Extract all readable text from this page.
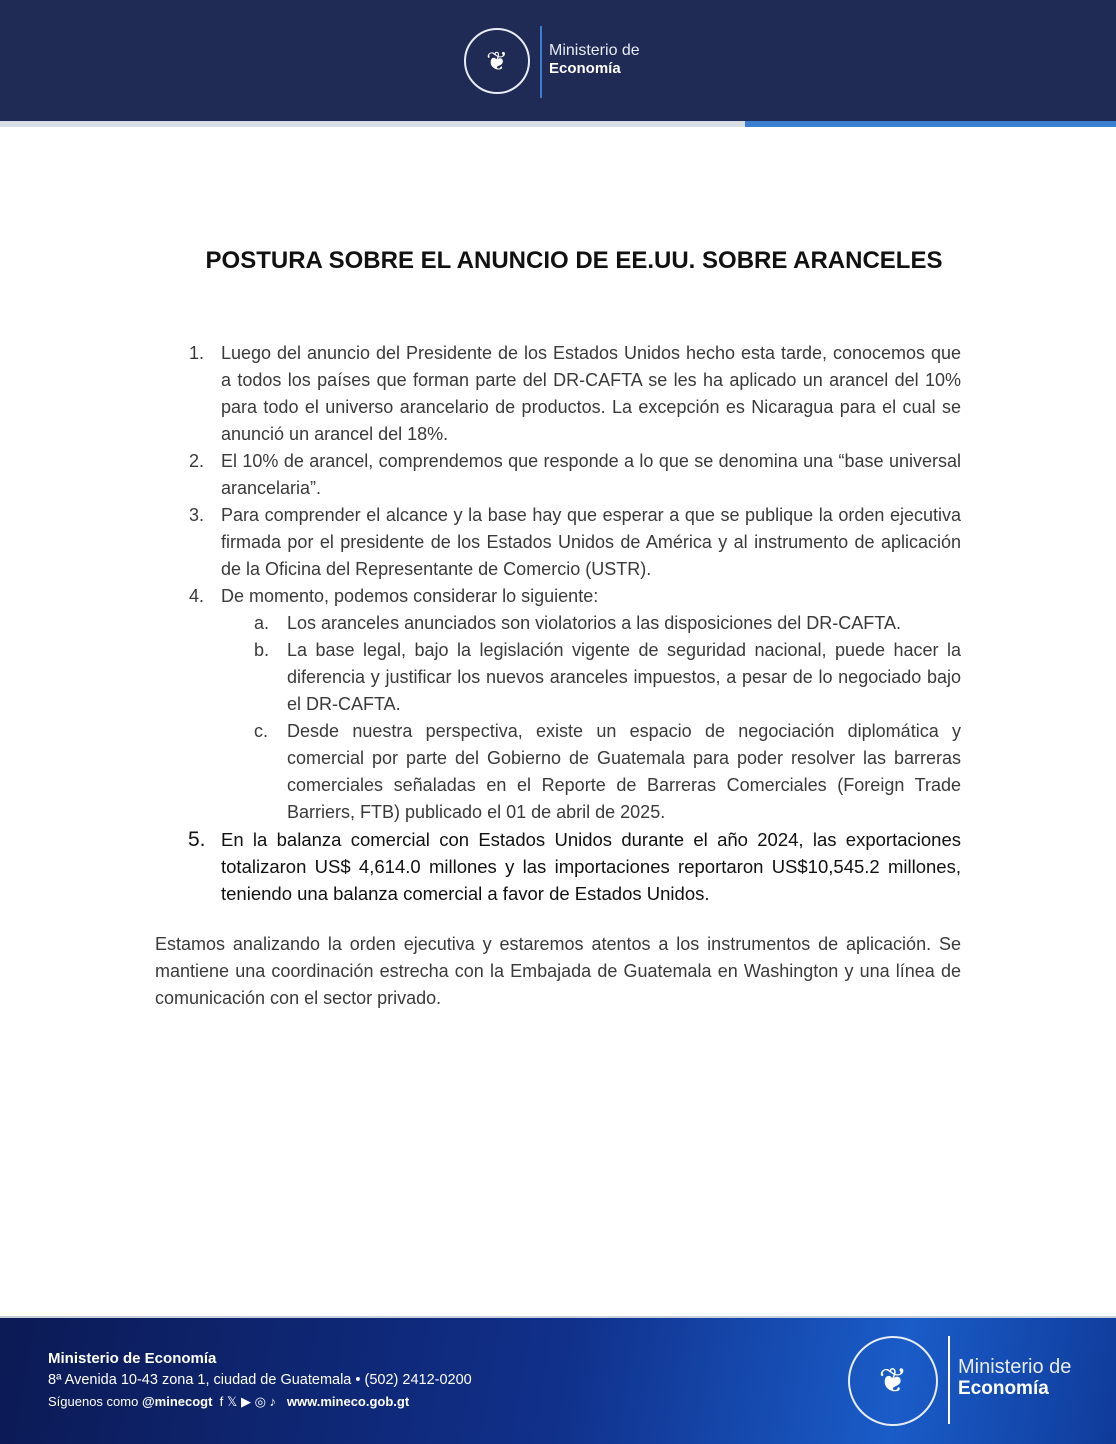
❦	Ministerio de
Economía
POSTURA SOBRE EL ANUNCIO DE EE.UU. SOBRE ARANCELES
1. Luego del anuncio del Presidente de los Estados Unidos hecho esta tarde, conocemos que a todos los países que forman parte del DR-CAFTA se les ha aplicado un arancel del 10% para todo el universo arancelario de productos. La excepción es Nicaragua para el cual se anunció un arancel del 18%.
2. El 10% de arancel, comprendemos que responde a lo que se denomina una “base universal arancelaria”.
3. Para comprender el alcance y la base hay que esperar a que se publique la orden ejecutiva firmada por el presidente de los Estados Unidos de América y al instrumento de aplicación de la Oficina del Representante de Comercio (USTR).
4. De momento, podemos considerar lo siguiente:
a. Los aranceles anunciados son violatorios a las disposiciones del DR-CAFTA.
b. La base legal, bajo la legislación vigente de seguridad nacional, puede hacer la diferencia y justificar los nuevos aranceles impuestos, a pesar de lo negociado bajo el DR-CAFTA.
c. Desde nuestra perspectiva, existe un espacio de negociación diplomática y comercial por parte del Gobierno de Guatemala para poder resolver las barreras comerciales señaladas en el Reporte de Barreras Comerciales (Foreign Trade Barriers, FTB) publicado el 01 de abril de 2025.
5. En la balanza comercial con Estados Unidos durante el año 2024, las exportaciones totalizaron US$ 4,614.0 millones y las importaciones reportaron US$10,545.2 millones, teniendo una balanza comercial a favor de Estados Unidos.
Estamos analizando la orden ejecutiva y estaremos atentos a los instrumentos de aplicación. Se mantiene una coordinación estrecha con la Embajada de Guatemala en Washington y una línea de comunicación con el sector privado.
Ministerio de Economía
8ª Avenida 10-43 zona 1, ciudad de Guatemala • (502) 2412-0200
Síguenos como @minecogt f 𝕏 ▶ ◎ ♪ www.mineco.gob.gt
❦	Ministerio de
Economía
